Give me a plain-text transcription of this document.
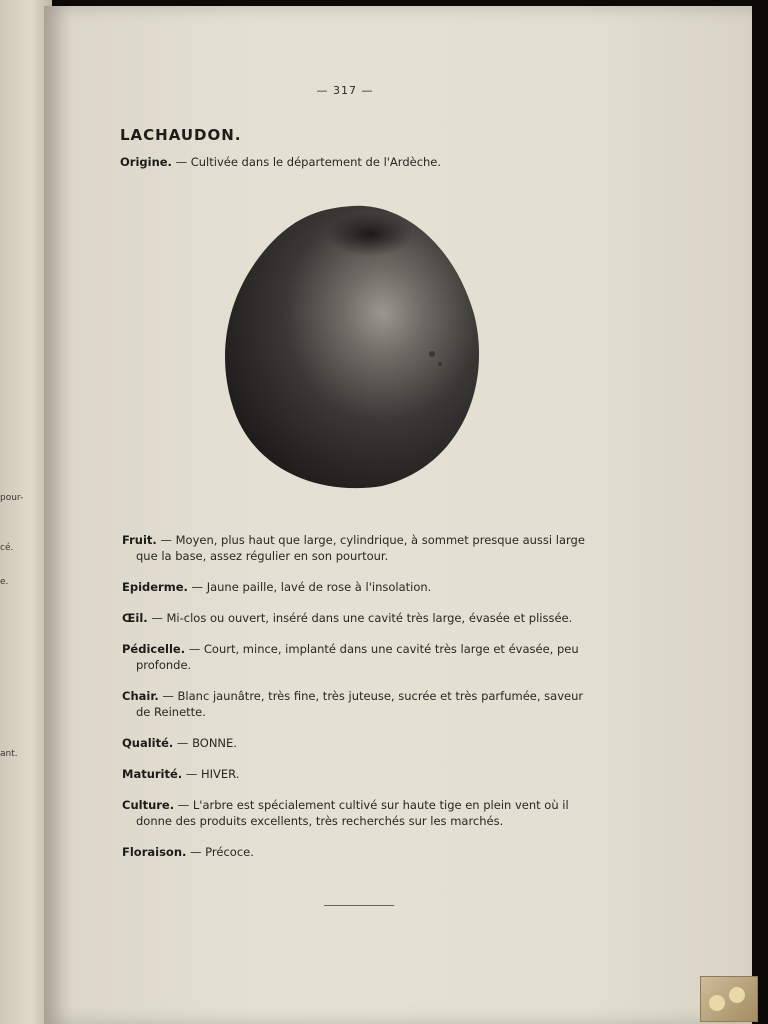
pour-
cé.
e.
ant.
— 317 —
LACHAUDON.
Origine. — Cultivée dans le département de l'Ardèche.

Fruit. — Moyen, plus haut que large, cylindrique, à sommet presque aussi large que la base, assez régulier en son pourtour.

Epiderme. — Jaune paille, lavé de rose à l'insolation.

Œil. — Mi-clos ou ouvert, inséré dans une cavité très large, évasée et plissée.

Pédicelle. — Court, mince, implanté dans une cavité très large et évasée, peu profonde.

Chair. — Blanc jaunâtre, très fine, très juteuse, sucrée et très parfumée, saveur de Reinette.

Qualité. — BONNE.

Maturité. — HIVER.

Culture. — L'arbre est spécialement cultivé sur haute tige en plein vent où il donne des produits excellents, très recherchés sur les marchés.

Floraison. — Précoce.
